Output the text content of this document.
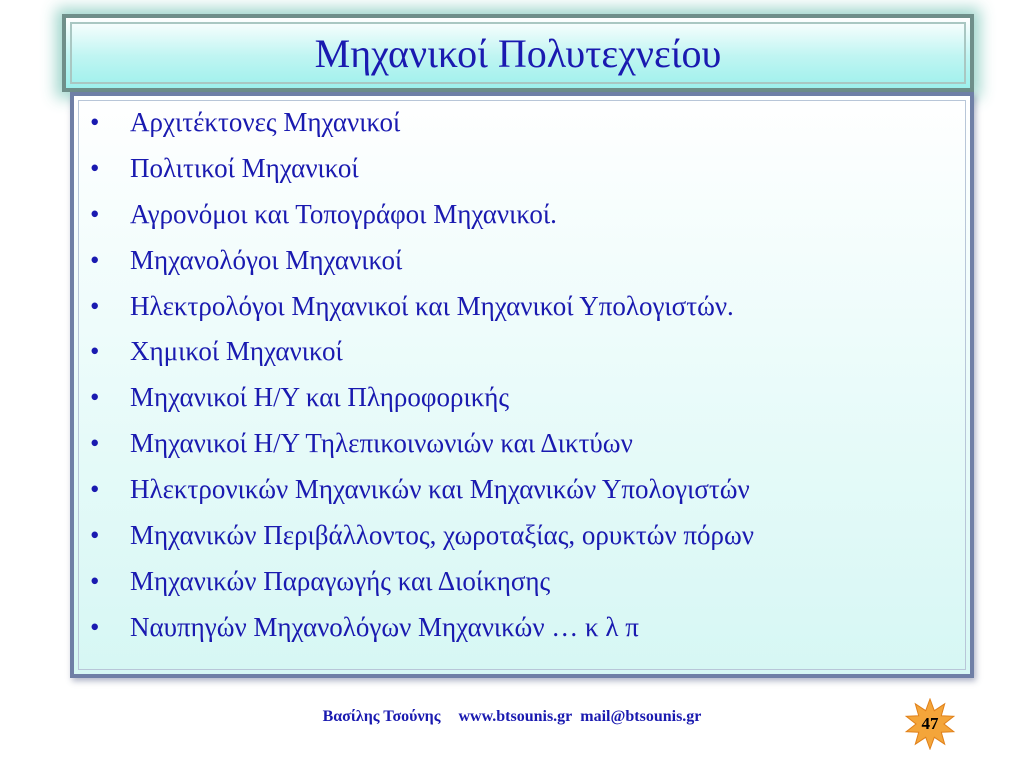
Μηχανικοί Πολυτεχνείου
• Αρχιτέκτονες Μηχανικοί
• Πολιτικοί Μηχανικοί
• Αγρονόμοι και Τοπογράφοι Μηχανικοί.
• Μηχανολόγοι Μηχανικοί
• Ηλεκτρολόγοι Μηχανικοί και Μηχανικοί Υπολογιστών.
• Χημικοί Μηχανικοί
• Μηχανικοί Η/Υ και Πληροφορικής
• Μηχανικοί Η/Υ Τηλεπικοινωνιών και Δικτύων
• Ηλεκτρονικών Μηχανικών και Μηχανικών Υπολογιστών
• Μηχανικών Περιβάλλοντος, χωροταξίας, ορυκτών πόρων
• Μηχανικών Παραγωγής και Διοίκησης
• Ναυπηγών Μηχανολόγων Μηχανικών … κ λ π
Βασίλης Τσούνης www.btsounis.gr mail@btsounis.gr	47
